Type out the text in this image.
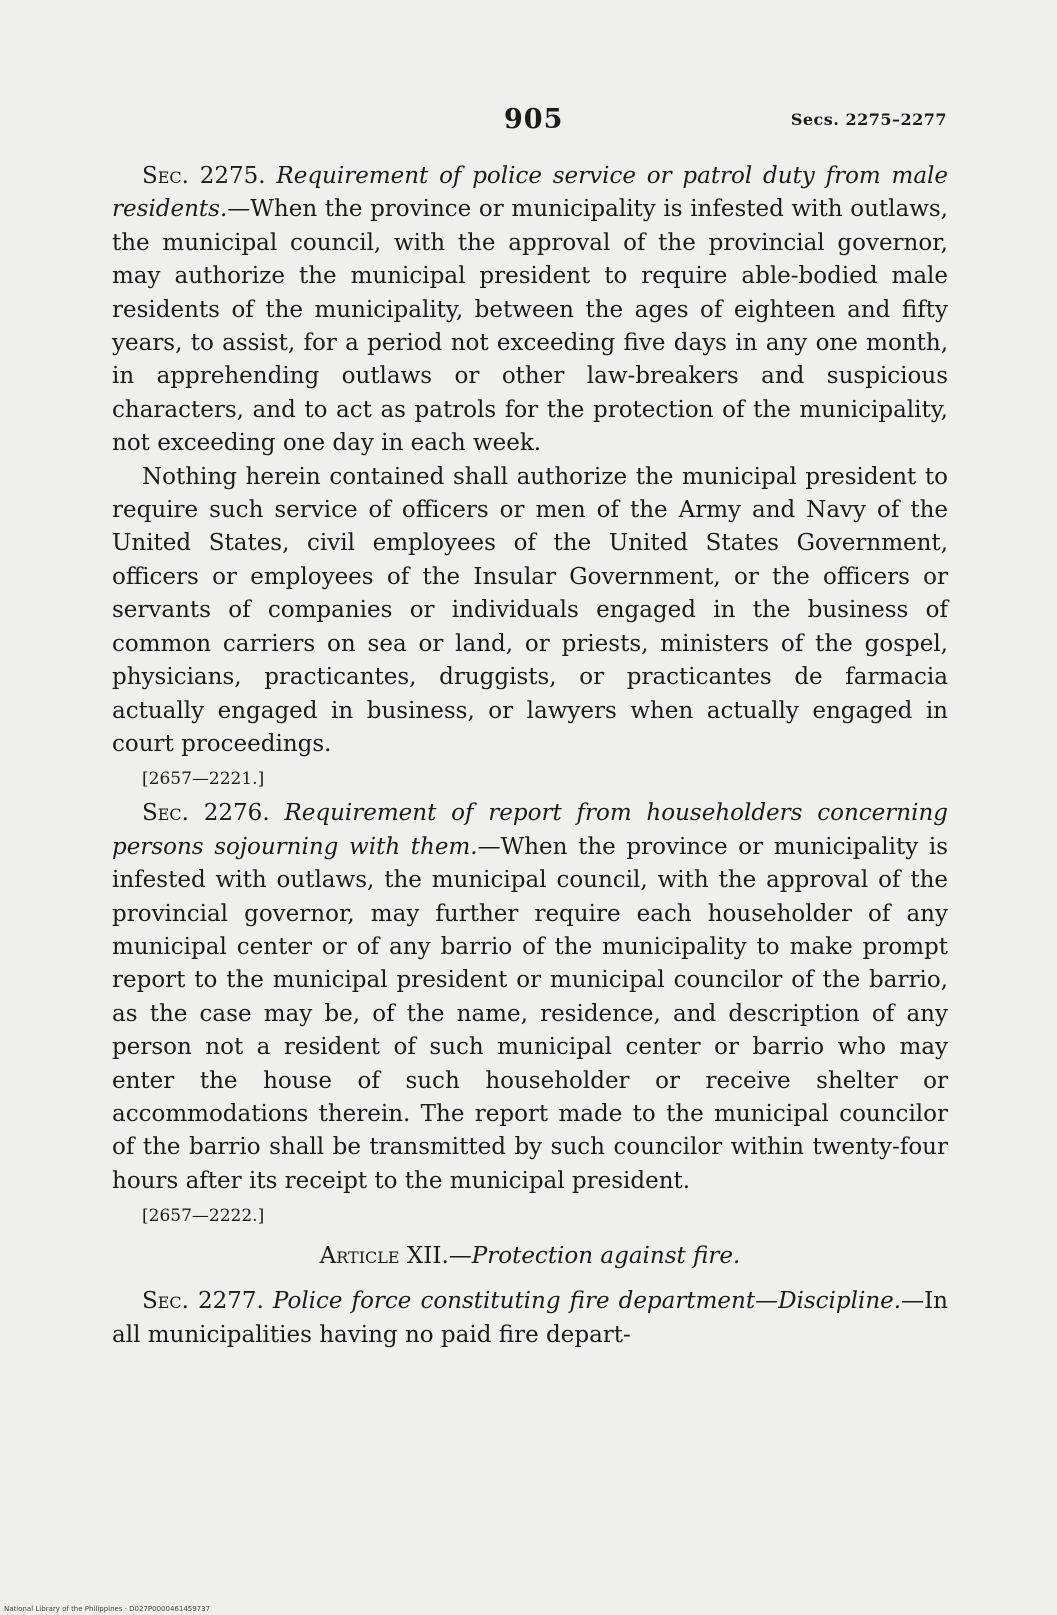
905	Secs. 2275–2277

Sec. 2275. Requirement of police service or patrol duty from male residents.—When the province or municipality is infested with outlaws, the municipal council, with the approval of the provincial governor, may authorize the municipal president to require able-bodied male residents of the municipality, between the ages of eighteen and fifty years, to assist, for a period not exceeding five days in any one month, in apprehending outlaws or other law-breakers and suspicious characters, and to act as patrols for the protection of the municipality, not exceeding one day in each week.

Nothing herein contained shall authorize the municipal president to require such service of officers or men of the Army and Navy of the United States, civil employees of the United States Government, officers or employees of the Insular Government, or the officers or servants of companies or individuals engaged in the business of common carriers on sea or land, or priests, ministers of the gospel, physicians, practicantes, druggists, or practicantes de farmacia actually engaged in business, or lawyers when actually engaged in court proceedings.

[2657—2221.]

Sec. 2276. Requirement of report from householders concerning persons sojourning with them.—When the province or municipality is infested with outlaws, the municipal council, with the approval of the provincial governor, may further require each householder of any municipal center or of any barrio of the municipality to make prompt report to the municipal president or municipal councilor of the barrio, as the case may be, of the name, residence, and description of any person not a resident of such municipal center or barrio who may enter the house of such householder or receive shelter or accommodations therein. The report made to the municipal councilor of the barrio shall be transmitted by such councilor within twenty-four hours after its receipt to the municipal president.

[2657—2222.]
Article XII.—Protection against fire.

Sec. 2277. Police force constituting fire department—Discipline.—In all municipalities having no paid fire depart-

National Library of the Philippines · D027P0000461459737
